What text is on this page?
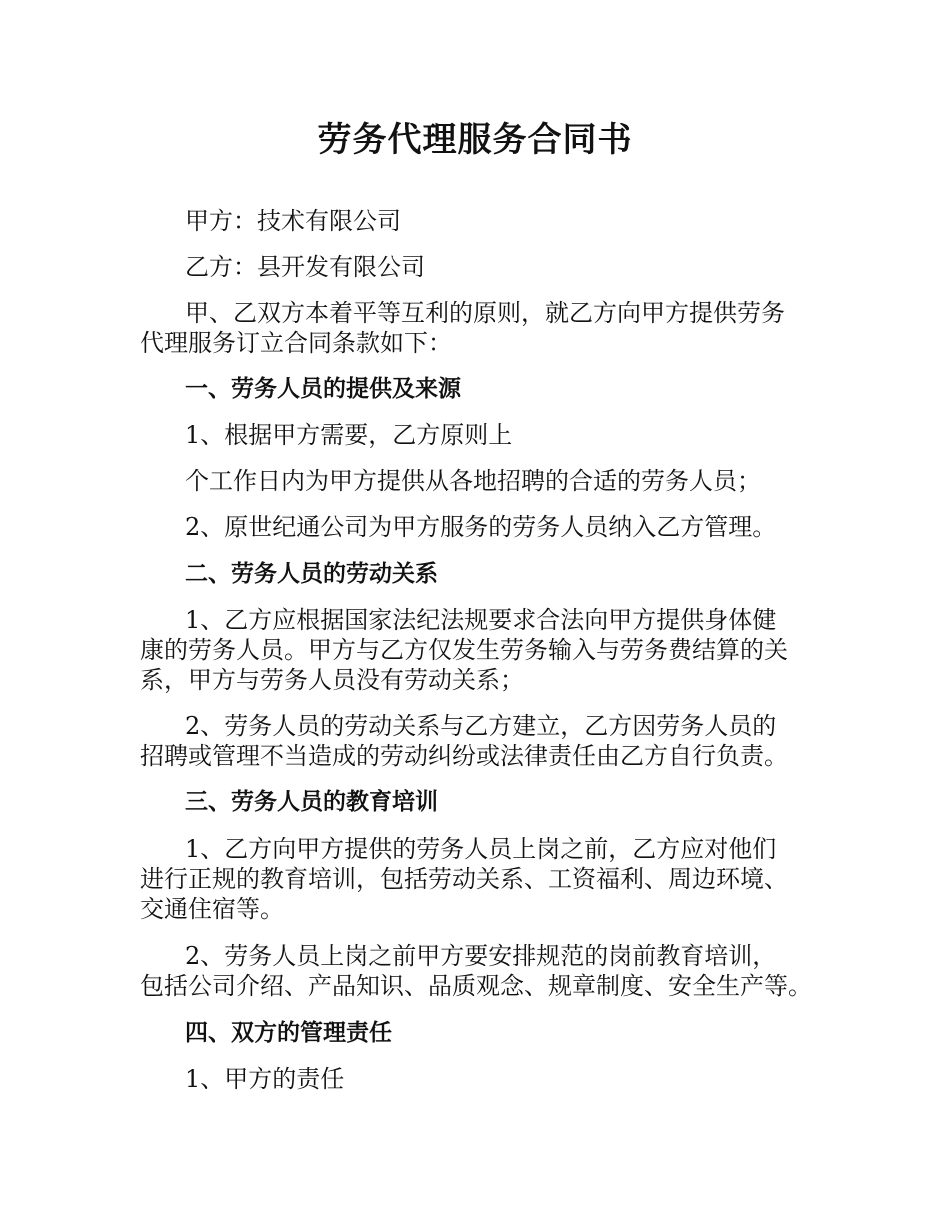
劳务代理服务合同书

甲方：技术有限公司

乙方：县开发有限公司

甲、乙双方本着平等互利的原则，就乙方向甲方提供劳务

代理服务订立合同条款如下：

一、劳务人员的提供及来源

1、根据甲方需要，乙方原则上

个工作日内为甲方提供从各地招聘的合适的劳务人员；

2、原世纪通公司为甲方服务的劳务人员纳入乙方管理。

二、劳务人员的劳动关系

1、乙方应根据国家法纪法规要求合法向甲方提供身体健

康的劳务人员。甲方与乙方仅发生劳务输入与劳务费结算的关

系，甲方与劳务人员没有劳动关系；

2、劳务人员的劳动关系与乙方建立，乙方因劳务人员的

招聘或管理不当造成的劳动纠纷或法律责任由乙方自行负责。

三、劳务人员的教育培训

1、乙方向甲方提供的劳务人员上岗之前，乙方应对他们

进行正规的教育培训，包括劳动关系、工资福利、周边环境、

交通住宿等。

2、劳务人员上岗之前甲方要安排规范的岗前教育培训，

包括公司介绍、产品知识、品质观念、规章制度、安全生产等。

四、双方的管理责任

1、甲方的责任
